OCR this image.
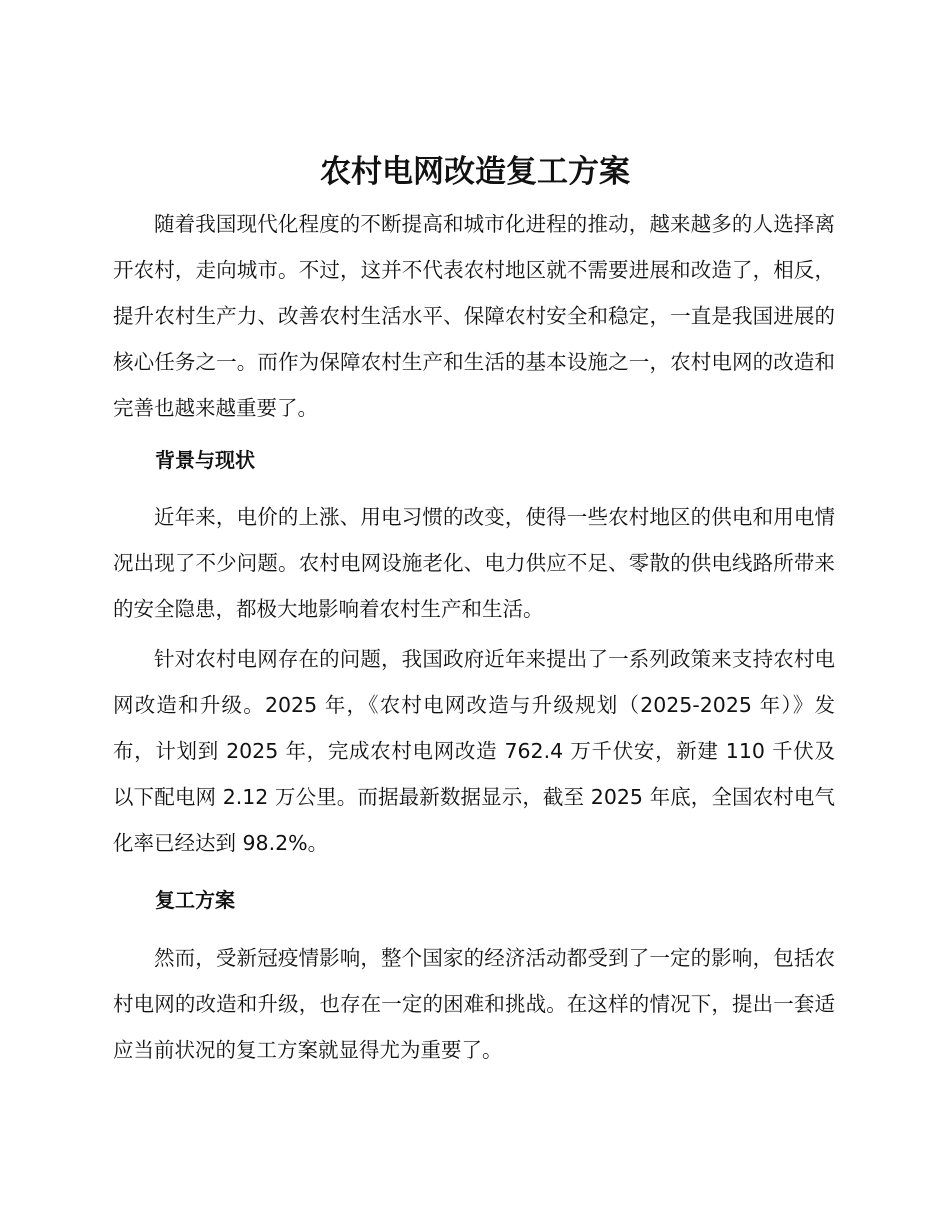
农村电网改造复工方案

随着我国现代化程度的不断提高和城市化进程的推动，越来越多的人选择离开农村，走向城市。不过，这并不代表农村地区就不需要进展和改造了，相反，提升农村生产力、改善农村生活水平、保障农村安全和稳定，一直是我国进展的核心任务之一。而作为保障农村生产和生活的基本设施之一，农村电网的改造和完善也越来越重要了。

背景与现状

近年来，电价的上涨、用电习惯的改变，使得一些农村地区的供电和用电情况出现了不少问题。农村电网设施老化、电力供应不足、零散的供电线路所带来的安全隐患，都极大地影响着农村生产和生活。

针对农村电网存在的问题，我国政府近年来提出了一系列政策来支持农村电网改造和升级。2025 年，《农村电网改造与升级规划（2025-2025 年）》发布，计划到 2025 年，完成农村电网改造 762.4 万千伏安，新建 110 千伏及以下配电网 2.12 万公里。而据最新数据显示，截至 2025 年底，全国农村电气化率已经达到 98.2%。

复工方案

然而，受新冠疫情影响，整个国家的经济活动都受到了一定的影响，包括农村电网的改造和升级，也存在一定的困难和挑战。在这样的情况下，提出一套适应当前状况的复工方案就显得尤为重要了。
